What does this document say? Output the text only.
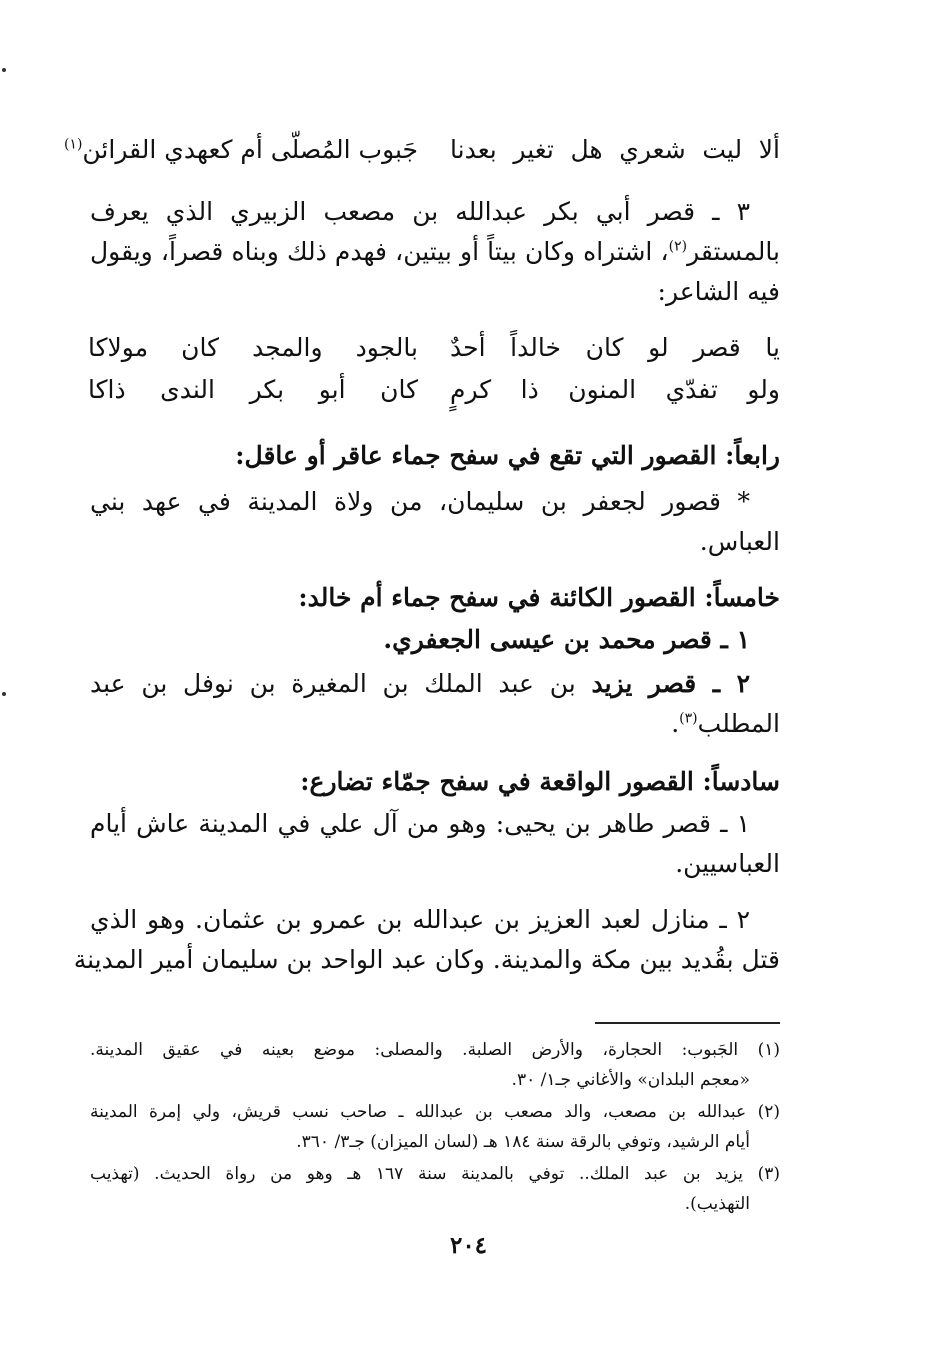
ألا ليت شعري هل تغير بعدناجَبوب المُصلّى أم كعهدي القرائن$^{(١)}$
٣ ـ قصر أبي بكر عبدالله بن مصعب الزبيري الذي يعرف
بالمستقر$^{(٢)}$، اشتراه وكان بيتاً أو بيتين، فهدم ذلك وبناه قصراً، ويقول
فيه الشاعر:
يا قصر لو كان خالداً أحدٌبالجود والمجد كان مولاكا
ولو تفدّي المنون ذا كرمٍكان أبو بكر الندى ذاكا
رابعاً: القصور التي تقع في سفح جماء عاقر أو عاقل:
* قصور لجعفر بن سليمان، من ولاة المدينة في عهد بني
العباس.
خامساً: القصور الكائنة في سفح جماء أم خالد:
١ ـ قصر محمد بن عيسى الجعفري.
٢ ـ قصر يزيد بن عبد الملك بن المغيرة بن نوفل بن عبد
المطلب$^{(٣)}$.
سادساً: القصور الواقعة في سفح جمّاء تضارع:
١ ـ قصر طاهر بن يحيى: وهو من آل علي في المدينة عاش أيام
العباسيين.
٢ ـ منازل لعبد العزيز بن عبدالله بن عمرو بن عثمان. وهو الذي
قتل بقُديد بين مكة والمدينة. وكان عبد الواحد بن سليمان أمير المدينة
(١) الجَبوب: الحجارة، والأرض الصلبة. والمصلى: موضع بعينه في عقيق المدينة.
«معجم البلدان» والأغاني جـ١/ ٣٠.
(٢) عبدالله بن مصعب، والد مصعب بن عبدالله ـ صاحب نسب قريش، ولي إمرة المدينة
أيام الرشيد، وتوفي بالرقة سنة ١٨٤ هـ (لسان الميزان) جـ٣/ ٣٦٠.
(٣) يزيد بن عبد الملك.. توفي بالمدينة سنة ١٦٧ هـ وهو من رواة الحديث. (تهذيب
التهذيب).
٢٠٤
